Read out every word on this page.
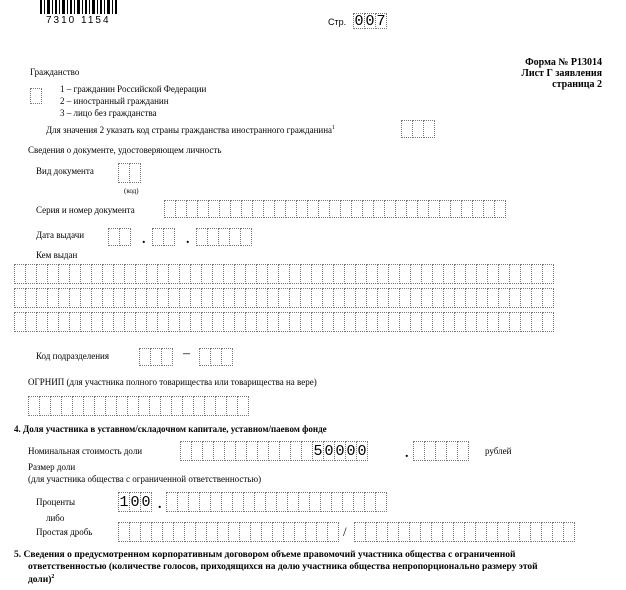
7310 1154	Стр. 0 0 7
Форма № Р13014
Лист Г заявления
страница 2
Гражданство
1 – гражданин Российской Федерации
2 – иностранный гражданин
3 – лицо без гражданства
Для значения 2 указать код страны гражданства иностранного гражданина$^1$
Сведения о документе, удостоверяющем личность
Вид документа
(код)
Серия и номер документа
Дата выдачи	.	.
Кем выдан
Код подразделения	–
ОГРНИП (для участника полного товарищества или товарищества на вере)
4. Доля участника в уставном/складочном капитале, уставном/паевом фонде
Номинальная стоимость доли	5 0 0 0 0	.	рублей
Размер доли
(для участника общества с ограниченной ответственностью)
Проценты	1 0 0 .
либо
Простая дробь	/
5. Сведения о предусмотренном корпоративным договором объеме правомочий участника общества с ограниченной
ответственностью (количестве голосов, приходящихся на долю участника общества непропорционально размеру этой
доли)$^2$
